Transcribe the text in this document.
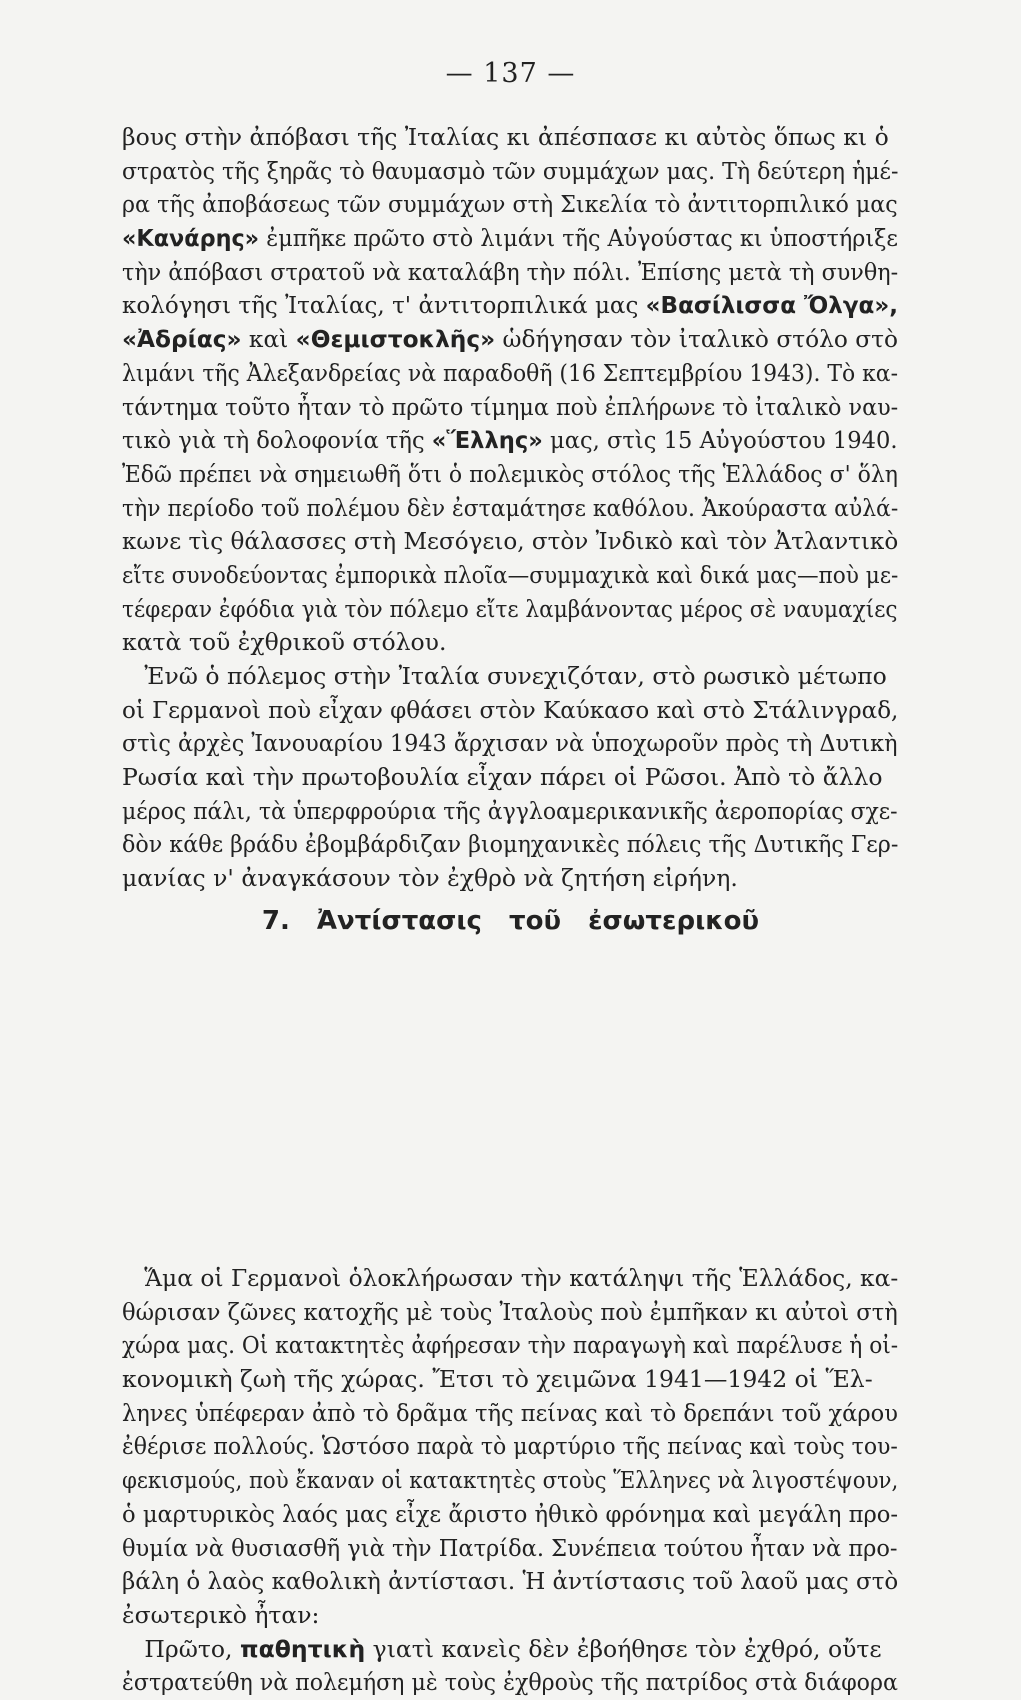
— 137 —
βους στὴν ἀπόβασι τῆς Ἰταλίας κι ἀπέσπασε κι αὐτὸς ὅπως κι ὁ
στρατὸς τῆς ξηρᾶς τὸ θαυμασμὸ τῶν συμμάχων μας. Τὴ δεύτερη ἡμέ-
ρα τῆς ἀποβάσεως τῶν συμμάχων στὴ Σικελία τὸ ἀντιτορπιλικό μας
«Κανάρης» ἐμπῆκε πρῶτο στὸ λιμάνι τῆς Αὐγούστας κι ὑποστήριξε
τὴν ἀπόβασι στρατοῦ νὰ καταλάβη τὴν πόλι. Ἐπίσης μετὰ τὴ συνθη-
κολόγησι τῆς Ἰταλίας, τ' ἀντιτορπιλικά μας «Βασίλισσα Ὄλγα»,
«Ἀδρίας» καὶ «Θεμιστοκλῆς» ὡδήγησαν τὸν ἰταλικὸ στόλο στὸ
λιμάνι τῆς Ἀλεξανδρείας νὰ παραδοθῆ (16 Σεπτεμβρίου 1943). Τὸ κα-
τάντημα τοῦτο ἦταν τὸ πρῶτο τίμημα ποὺ ἐπλήρωνε τὸ ἰταλικὸ ναυ-
τικὸ γιὰ τὴ δολοφονία τῆς «Ἕλλης» μας, στὶς 15 Αὐγούστου 1940.
Ἐδῶ πρέπει νὰ σημειωθῆ ὅτι ὁ πολεμικὸς στόλος τῆς Ἑλλάδος σ' ὅλη
τὴν περίοδο τοῦ πολέμου δὲν ἐσταμάτησε καθόλου. Ἀκούραστα αὐλά-
κωνε τὶς θάλασσες στὴ Μεσόγειο, στὸν Ἰνδικὸ καὶ τὸν Ἀτλαντικὸ
εἴτε συνοδεύοντας ἐμπορικὰ πλοῖα—συμμαχικὰ καὶ δικά μας—ποὺ με-
τέφεραν ἐφόδια γιὰ τὸν πόλεμο εἴτε λαμβάνοντας μέρος σὲ ναυμαχίες
κατὰ τοῦ ἐχθρικοῦ στόλου.
Ἐνῶ ὁ πόλεμος στὴν Ἰταλία συνεχιζόταν, στὸ ρωσικὸ μέτωπο
οἱ Γερμανοὶ ποὺ εἶχαν φθάσει στὸν Καύκασο καὶ στὸ Στάλινγραδ,
στὶς ἀρχὲς Ἰανουαρίου 1943 ἄρχισαν νὰ ὑποχωροῦν πρὸς τὴ Δυτικὴ
Ρωσία καὶ τὴν πρωτοβουλία εἶχαν πάρει οἱ Ρῶσοι. Ἀπὸ τὸ ἄλλο
μέρος πάλι, τὰ ὑπερφρούρια τῆς ἀγγλοαμερικανικῆς ἀεροπορίας σχε-
δὸν κάθε βράδυ ἐβομβάρδιζαν βιομηχανικὲς πόλεις τῆς Δυτικῆς Γερ-
μανίας ν' ἀναγκάσουν τὸν ἐχθρὸ νὰ ζητήση εἰρήνη.
7. Ἀντίστασις τοῦ ἐσωτερικοῦ
Ἅμα οἱ Γερμανοὶ ὁλοκλήρωσαν τὴν κατάληψι τῆς Ἑλλάδος, κα-
θώρισαν ζῶνες κατοχῆς μὲ τοὺς Ἰταλοὺς ποὺ ἐμπῆκαν κι αὐτοὶ στὴ
χώρα μας. Οἱ κατακτητὲς ἀφήρεσαν τὴν παραγωγὴ καὶ παρέλυσε ἡ οἰ-
κονομικὴ ζωὴ τῆς χώρας. Ἔτσι τὸ χειμῶνα 1941—1942 οἱ Ἕλ-
ληνες ὑπέφεραν ἀπὸ τὸ δρᾶμα τῆς πείνας καὶ τὸ δρεπάνι τοῦ χάρου
ἐθέρισε πολλούς. Ὡστόσο παρὰ τὸ μαρτύριο τῆς πείνας καὶ τοὺς του-
φεκισμούς, ποὺ ἔκαναν οἱ κατακτητὲς στοὺς Ἕλληνες νὰ λιγοστέψουν,
ὁ μαρτυρικὸς λαός μας εἶχε ἄριστο ἠθικὸ φρόνημα καὶ μεγάλη προ-
θυμία νὰ θυσιασθῆ γιὰ τὴν Πατρίδα. Συνέπεια τούτου ἦταν νὰ προ-
βάλη ὁ λαὸς καθολικὴ ἀντίστασι. Ἡ ἀντίστασις τοῦ λαοῦ μας στὸ
ἐσωτερικὸ ἦταν:
Πρῶτο, παθητικὴ γιατὶ κανεὶς δὲν ἐβοήθησε τὸν ἐχθρό, οὔτε
ἐστρατεύθη νὰ πολεμήση μὲ τοὺς ἐχθροὺς τῆς πατρίδος στὰ διάφορα
